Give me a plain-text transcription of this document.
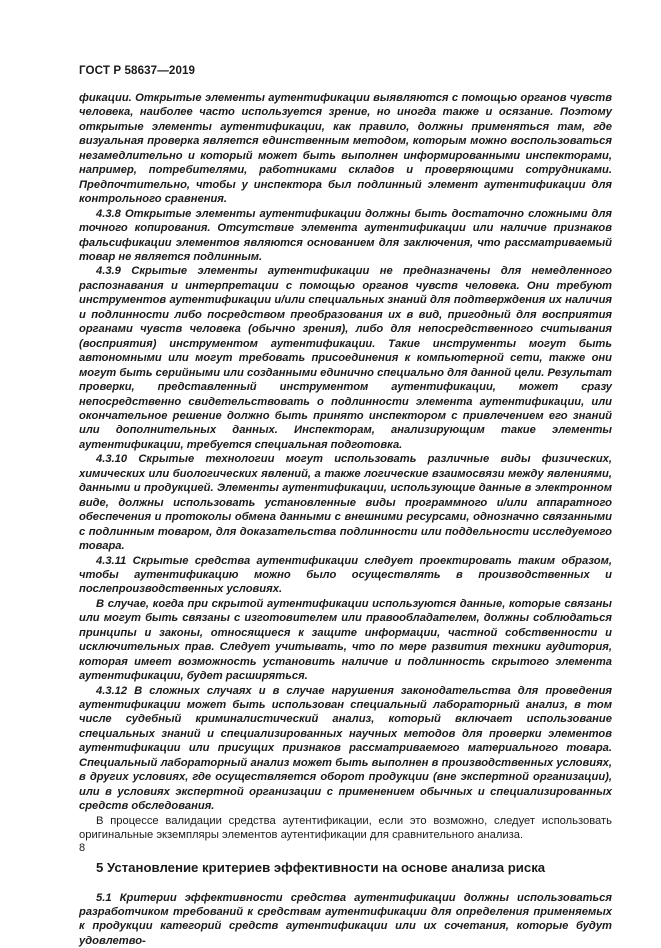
ГОСТ Р 58637—2019

фикации. Открытые элементы аутентификации выявляются с помощью органов чувств человека, наиболее часто используется зрение, но иногда также и осязание. Поэтому открытые элементы аутентификации, как правило, должны применяться там, где визуальная проверка является единственным методом, которым можно воспользоваться незамедлительно и который может быть выполнен информированными инспекторами, например, потребителями, работниками складов и проверяющими сотрудниками. Предпочтительно, чтобы у инспектора был подлинный элемент аутентификации для контрольного сравнения.

4.3.8 Открытые элементы аутентификации должны быть достаточно сложными для точного копирования. Отсутствие элемента аутентификации или наличие признаков фальсификации элементов являются основанием для заключения, что рассматриваемый товар не является подлинным.

4.3.9 Скрытые элементы аутентификации не предназначены для немедленного распознавания и интерпретации с помощью органов чувств человека. Они требуют инструментов аутентификации и/или специальных знаний для подтверждения их наличия и подлинности либо посредством преобразования их в вид, пригодный для восприятия органами чувств человека (обычно зрения), либо для непосредственного считывания (восприятия) инструментом аутентификации. Такие инструменты могут быть автономными или могут требовать присоединения к компьютерной сети, также они могут быть серийными или созданными единично специально для данной цели. Результат проверки, представленный инструментом аутентификации, может сразу непосредственно свидетельствовать о подлинности элемента аутентификации, или окончательное решение должно быть принято инспектором с привлечением его знаний или дополнительных данных. Инспекторам, анализирующим такие элементы аутентификации, требуется специальная подготовка.

4.3.10 Скрытые технологии могут использовать различные виды физических, химических или биологических явлений, а также логические взаимосвязи между явлениями, данными и продукцией. Элементы аутентификации, использующие данные в электронном виде, должны использовать установленные виды программного и/или аппаратного обеспечения и протоколы обмена данными с внешними ресурсами, однозначно связанными с подлинным товаром, для доказательства подлинности или поддельности исследуемого товара.

4.3.11 Скрытые средства аутентификации следует проектировать таким образом, чтобы аутентификацию можно было осуществлять в производственных и послепроизводственных условиях.

В случае, когда при скрытой аутентификации используются данные, которые связаны или могут быть связаны с изготовителем или правообладателем, должны соблюдаться принципы и законы, относящиеся к защите информации, частной собственности и исключительных прав. Следует учитывать, что по мере развития техники аудитория, которая имеет возможность установить наличие и подлинность скрытого элемента аутентификации, будет расширяться.

4.3.12 В сложных случаях и в случае нарушения законодательства для проведения аутентификации может быть использован специальный лабораторный анализ, в том числе судебный криминалистический анализ, который включает использование специальных знаний и специализированных научных методов для проверки элементов аутентификации или присущих признаков рассматриваемого материального товара. Специальный лабораторный анализ может быть выполнен в производственных условиях, в других условиях, где осуществляется оборот продукции (вне экспертной организации), или в условиях экспертной организации с применением обычных и специализированных средств обследования.

В процессе валидации средства аутентификации, если это возможно, следует использовать оригинальные экземпляры элементов аутентификации для сравнительного анализа.

5 Установление критериев эффективности на основе анализа риска

5.1 Критерии эффективности средства аутентификации должны использоваться разработчиком требований к средствам аутентификации для определения применяемых к продукции категорий средств аутентификации или их сочетания, которые будут удовлетво-

8
